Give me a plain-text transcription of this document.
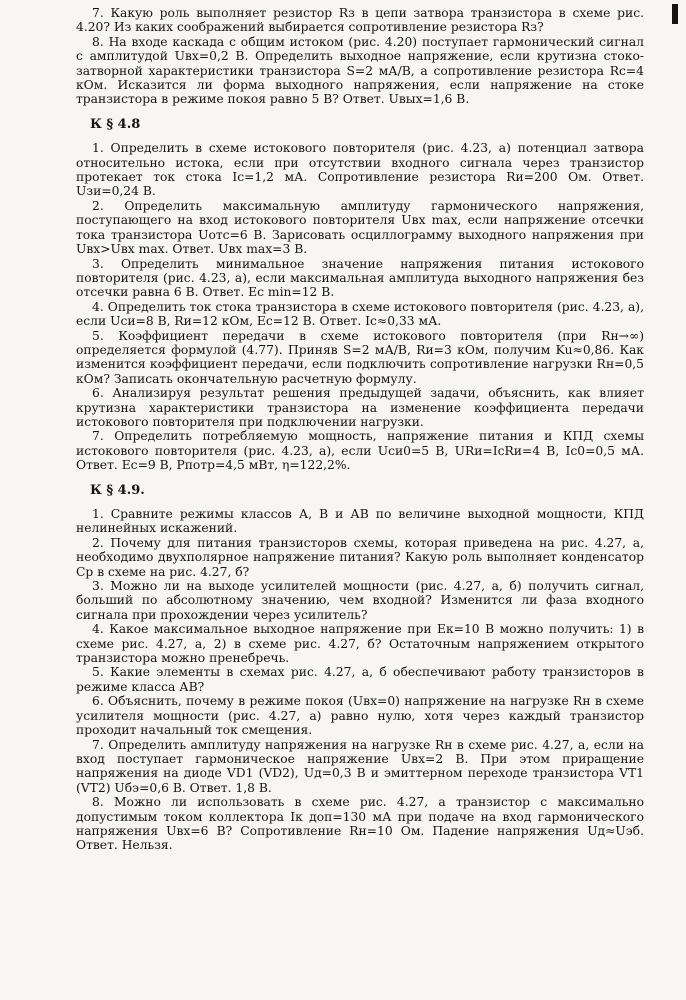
7. Какую роль выполняет резистор Rз в цепи затвора транзистора в схеме рис. 4.20? Из каких соображений выбирается сопротивление резистора Rз?

8. На входе каскада с общим истоком (рис. 4.20) поступает гармонический сигнал с амплитудой Uвх=0,2 В. Определить выходное напряжение, если крутизна стоко-затворной характеристики транзистора S=2 мА/В, а сопротивление резистора Rс=4 кОм. Исказится ли форма выходного напряжения, если напряжение на стоке транзистора в режиме покоя равно 5 В? Ответ. Uвых=1,6 В.

К § 4.8

1. Определить в схеме истокового повторителя (рис. 4.23, а) потенциал затвора относительно истока, если при отсутствии входного сигнала через транзистор протекает ток стока Iс=1,2 мА. Сопротивление резистора Rи=200 Ом. Ответ. Uзи=0,24 В.

2. Определить максимальную амплитуду гармонического напряжения, поступающего на вход истокового повторителя Uвх max, если напряжение отсечки тока транзистора Uотс=6 В. Зарисовать осциллограмму выходного напряжения при Uвх>Uвх max. Ответ. Uвх max=3 В.

3. Определить минимальное значение напряжения питания истокового повторителя (рис. 4.23, а), если максимальная амплитуда выходного напряжения без отсечки равна 6 В. Ответ. Ec min=12 В.

4. Определить ток стока транзистора в схеме истокового повторителя (рис. 4.23, а), если Uси=8 В, Rи=12 кОм, Ec=12 В. Ответ. Iс≈0,33 мА.

5. Коэффициент передачи в схеме истокового повторителя (при Rн→∞) определяется формулой (4.77). Приняв S=2 мА/В, Rи=3 кОм, получим Ku≈0,86. Как изменится коэффициент передачи, если подключить сопротивление нагрузки Rн=0,5 кОм? Записать окончательную расчетную формулу.

6. Анализируя результат решения предыдущей задачи, объяснить, как влияет крутизна характеристики транзистора на изменение коэффициента передачи истокового повторителя при подключении нагрузки.

7. Определить потребляемую мощность, напряжение питания и КПД схемы истокового повторителя (рис. 4.23, а), если Uси0=5 В, URи=IcRи=4 В, Ic0=0,5 мА. Ответ. Ec=9 В, Pпотр=4,5 мВт, η=122,2%.

К § 4.9.

1. Сравните режимы классов А, В и АВ по величине выходной мощности, КПД нелинейных искажений.

2. Почему для питания транзисторов схемы, которая приведена на рис. 4.27, а, необходимо двухполярное напряжение питания? Какую роль выполняет конденсатор Cр в схеме на рис. 4.27, б?

3. Можно ли на выходе усилителей мощности (рис. 4.27, а, б) получить сигнал, больший по абсолютному значению, чем входной? Изменится ли фаза входного сигнала при прохождении через усилитель?

4. Какое максимальное выходное напряжение при Eк=10 В можно получить: 1) в схеме рис. 4.27, а, 2) в схеме рис. 4.27, б? Остаточным напряжением открытого транзистора можно пренебречь.

5. Какие элементы в схемах рис. 4.27, а, б обеспечивают работу транзисторов в режиме класса АВ?

6. Объяснить, почему в режиме покоя (Uвх=0) напряжение на нагрузке Rн в схеме усилителя мощности (рис. 4.27, а) равно нулю, хотя через каждый транзистор проходит начальный ток смещения.

7. Определить амплитуду напряжения на нагрузке Rн в схеме рис. 4.27, а, если на вход поступает гармоническое напряжение Uвх=2 В. При этом приращение напряжения на диоде VD1 (VD2), Uд=0,3 В и эмиттерном переходе транзистора VT1 (VT2) Uбэ=0,6 В. Ответ. 1,8 В.

8. Можно ли использовать в схеме рис. 4.27, а транзистор с максимально допустимым током коллектора Iк доп=130 мА при подаче на вход гармонического напряжения Uвх=6 В? Сопротивление Rн=10 Ом. Падение напряжения Uд≈Uэб. Ответ. Нельзя.
